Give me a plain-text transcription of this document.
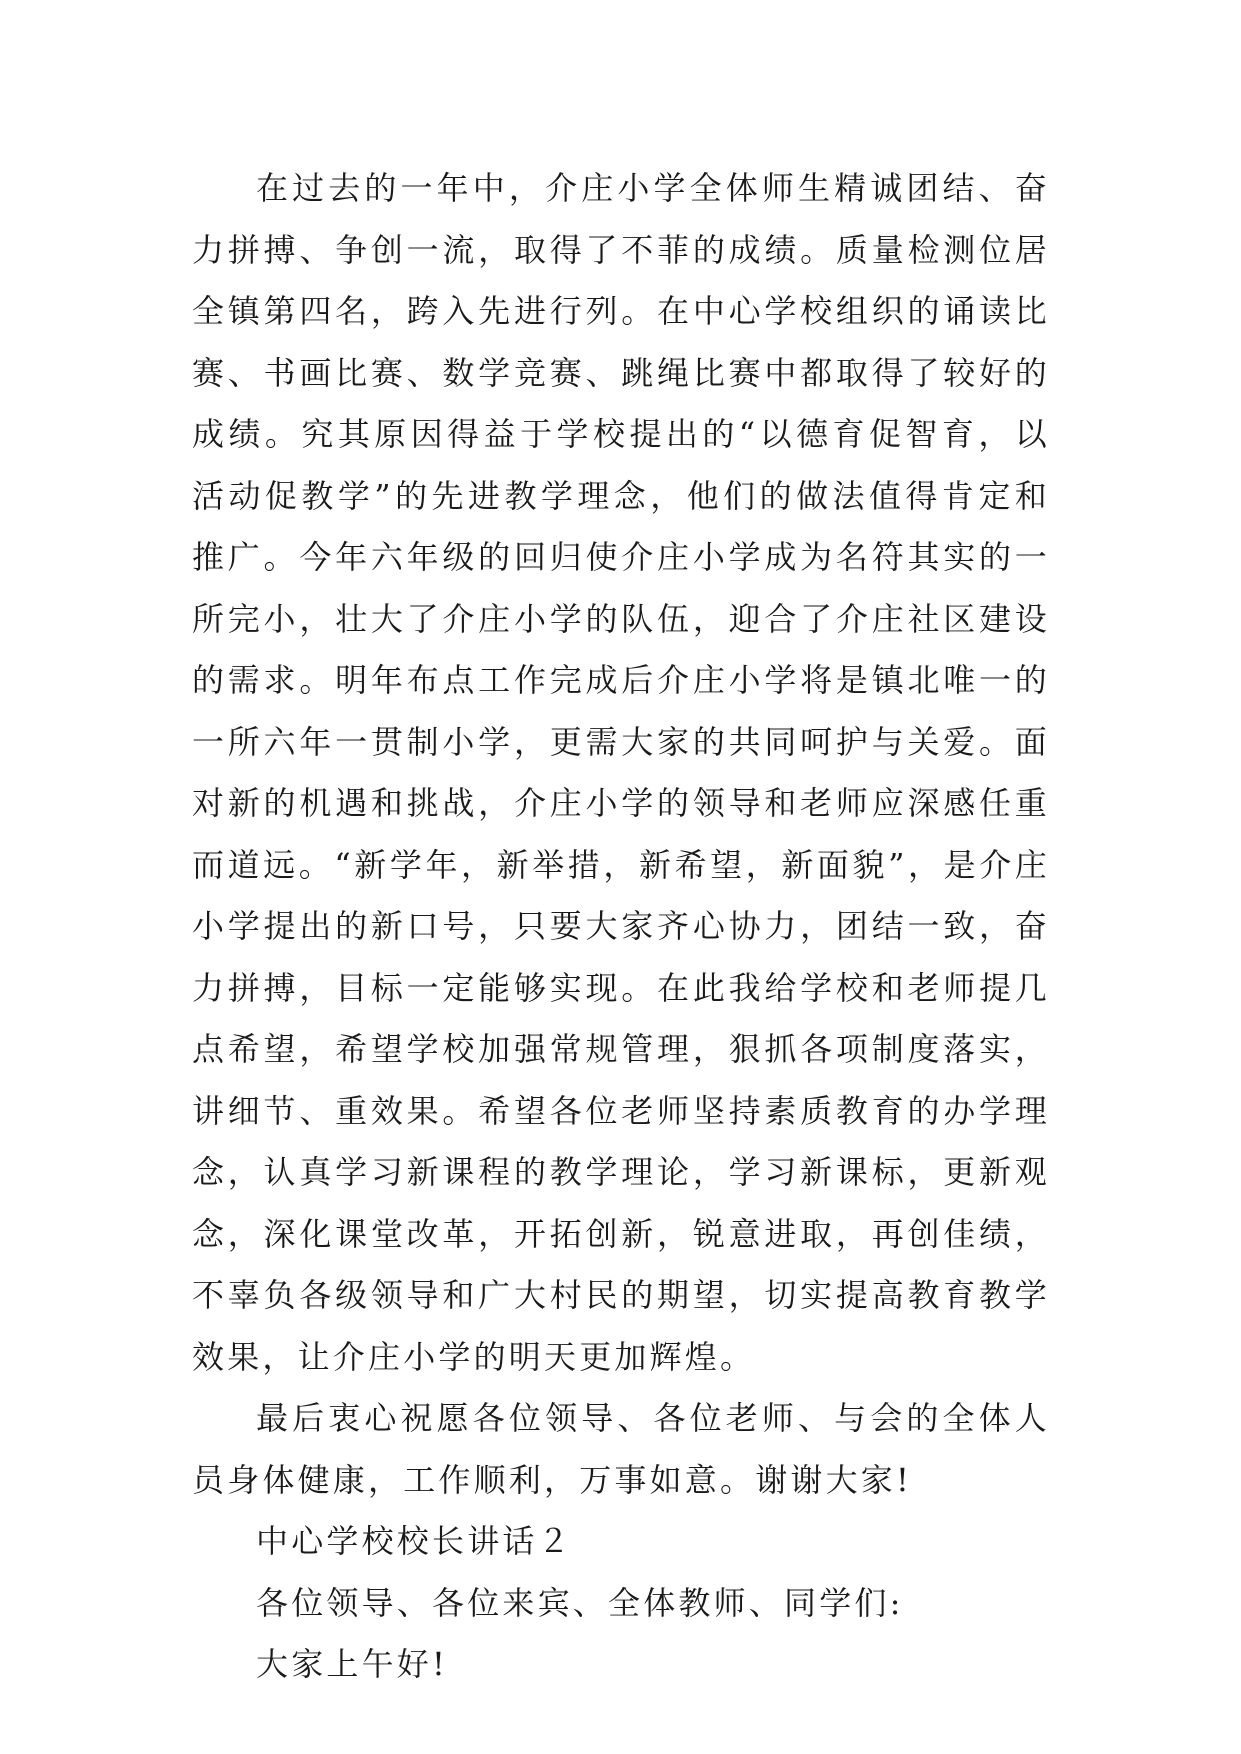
在过去的一年中，介庄小学全体师生精诚团结、奋力拼搏、争创一流，取得了不菲的成绩。质量检测位居全镇第四名，跨入先进行列。在中心学校组织的诵读比赛、书画比赛、数学竞赛、跳绳比赛中都取得了较好的成绩。究其原因得益于学校提出的“以德育促智育，以活动促教学”的先进教学理念，他们的做法值得肯定和推广。今年六年级的回归使介庄小学成为名符其实的一所完小，壮大了介庄小学的队伍，迎合了介庄社区建设的需求。明年布点工作完成后介庄小学将是镇北唯一的一所六年一贯制小学，更需大家的共同呵护与关爱。面对新的机遇和挑战，介庄小学的领导和老师应深感任重而道远。“新学年，新举措，新希望，新面貌”，是介庄小学提出的新口号，只要大家齐心协力，团结一致，奋力拼搏，目标一定能够实现。在此我给学校和老师提几点希望，希望学校加强常规管理，狠抓各项制度落实，讲细节、重效果。希望各位老师坚持素质教育的办学理念，认真学习新课程的教学理论，学习新课标，更新观念，深化课堂改革，开拓创新，锐意进取，再创佳绩，不辜负各级领导和广大村民的期望，切实提高教育教学效果，让介庄小学的明天更加辉煌。

最后衷心祝愿各位领导、各位老师、与会的全体人员身体健康，工作顺利，万事如意。谢谢大家!

中心学校校长讲话２

各位领导、各位来宾、全体教师、同学们:

大家上午好!
